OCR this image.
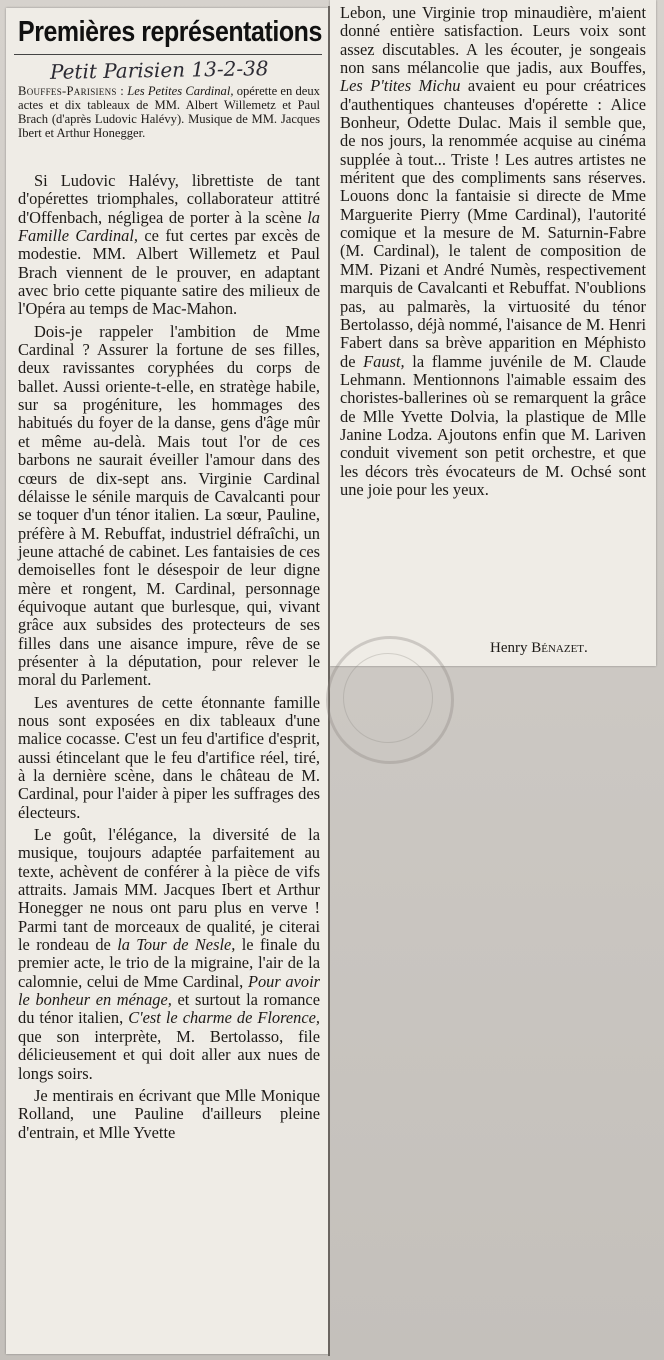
Premières représentations
Petit Parisien 13-2-38
Bouffes-Parisiens : Les Petites Cardinal, opérette en deux actes et dix tableaux de MM. Albert Willemetz et Paul Brach (d'après Ludovic Halévy). Musique de MM. Jacques Ibert et Arthur Honegger.

Si Ludovic Halévy, librettiste de tant d'opérettes triomphales, collaborateur attitré d'Offenbach, négligea de porter à la scène la Famille Cardinal, ce fut certes par excès de modestie. MM. Albert Willemetz et Paul Brach viennent de le prouver, en adaptant avec brio cette piquante satire des milieux de l'Opéra au temps de Mac-Mahon.

Dois-je rappeler l'ambition de Mme Cardinal ? Assurer la fortune de ses filles, deux ravissantes coryphées du corps de ballet. Aussi oriente-t-elle, en stratège habile, sur sa progéniture, les hommages des habitués du foyer de la danse, gens d'âge mûr et même au-delà. Mais tout l'or de ces barbons ne saurait éveiller l'amour dans des cœurs de dix-sept ans. Virginie Cardinal délaisse le sénile marquis de Cavalcanti pour se toquer d'un ténor italien. La sœur, Pauline, préfère à M. Rebuffat, industriel défraîchi, un jeune attaché de cabinet. Les fantaisies de ces demoiselles font le désespoir de leur digne mère et rongent, M. Cardinal, personnage équivoque autant que burlesque, qui, vivant grâce aux subsides des protecteurs de ses filles dans une aisance impure, rêve de se présenter à la députation, pour relever le moral du Parlement.

Les aventures de cette étonnante famille nous sont exposées en dix tableaux d'une malice cocasse. C'est un feu d'artifice d'esprit, aussi étincelant que le feu d'artifice réel, tiré, à la dernière scène, dans le château de M. Cardinal, pour l'aider à piper les suffrages des électeurs.

Le goût, l'élégance, la diversité de la musique, toujours adaptée parfaitement au texte, achèvent de conférer à la pièce de vifs attraits. Jamais MM. Jacques Ibert et Arthur Honegger ne nous ont paru plus en verve ! Parmi tant de morceaux de qualité, je citerai le rondeau de la Tour de Nesle, le finale du premier acte, le trio de la migraine, l'air de la calomnie, celui de Mme Cardinal, Pour avoir le bonheur en ménage, et surtout la romance du ténor italien, C'est le charme de Florence, que son interprète, M. Bertolasso, file délicieusement et qui doit aller aux nues de longs soirs.

Je mentirais en écrivant que Mlle Monique Rolland, une Pauline d'ailleurs pleine d'entrain, et Mlle Yvette

Lebon, une Virginie trop minaudière, m'aient donné entière satisfaction. Leurs voix sont assez discutables. A les écouter, je songeais non sans mélancolie que jadis, aux Bouffes, Les P'tites Michu avaient eu pour créatrices d'authentiques chanteuses d'opérette : Alice Bonheur, Odette Dulac. Mais il semble que, de nos jours, la renommée acquise au cinéma supplée à tout... Triste ! Les autres artistes ne méritent que des compliments sans réserves. Louons donc la fantaisie si directe de Mme Marguerite Pierry (Mme Cardinal), l'autorité comique et la mesure de M. Saturnin-Fabre (M. Cardinal), le talent de composition de MM. Pizani et André Numès, respectivement marquis de Cavalcanti et Rebuffat. N'oublions pas, au palmarès, la virtuosité du ténor Bertolasso, déjà nommé, l'aisance de M. Henri Fabert dans sa brève apparition en Méphisto de Faust, la flamme juvénile de M. Claude Lehmann. Mentionnons l'aimable essaim des choristes-ballerines où se remarquent la grâce de Mlle Yvette Dolvia, la plastique de Mlle Janine Lodza. Ajoutons enfin que M. Lariven conduit vivement son petit orchestre, et que les décors très évocateurs de M. Ochsé sont une joie pour les yeux.

Henry Bénazet.
